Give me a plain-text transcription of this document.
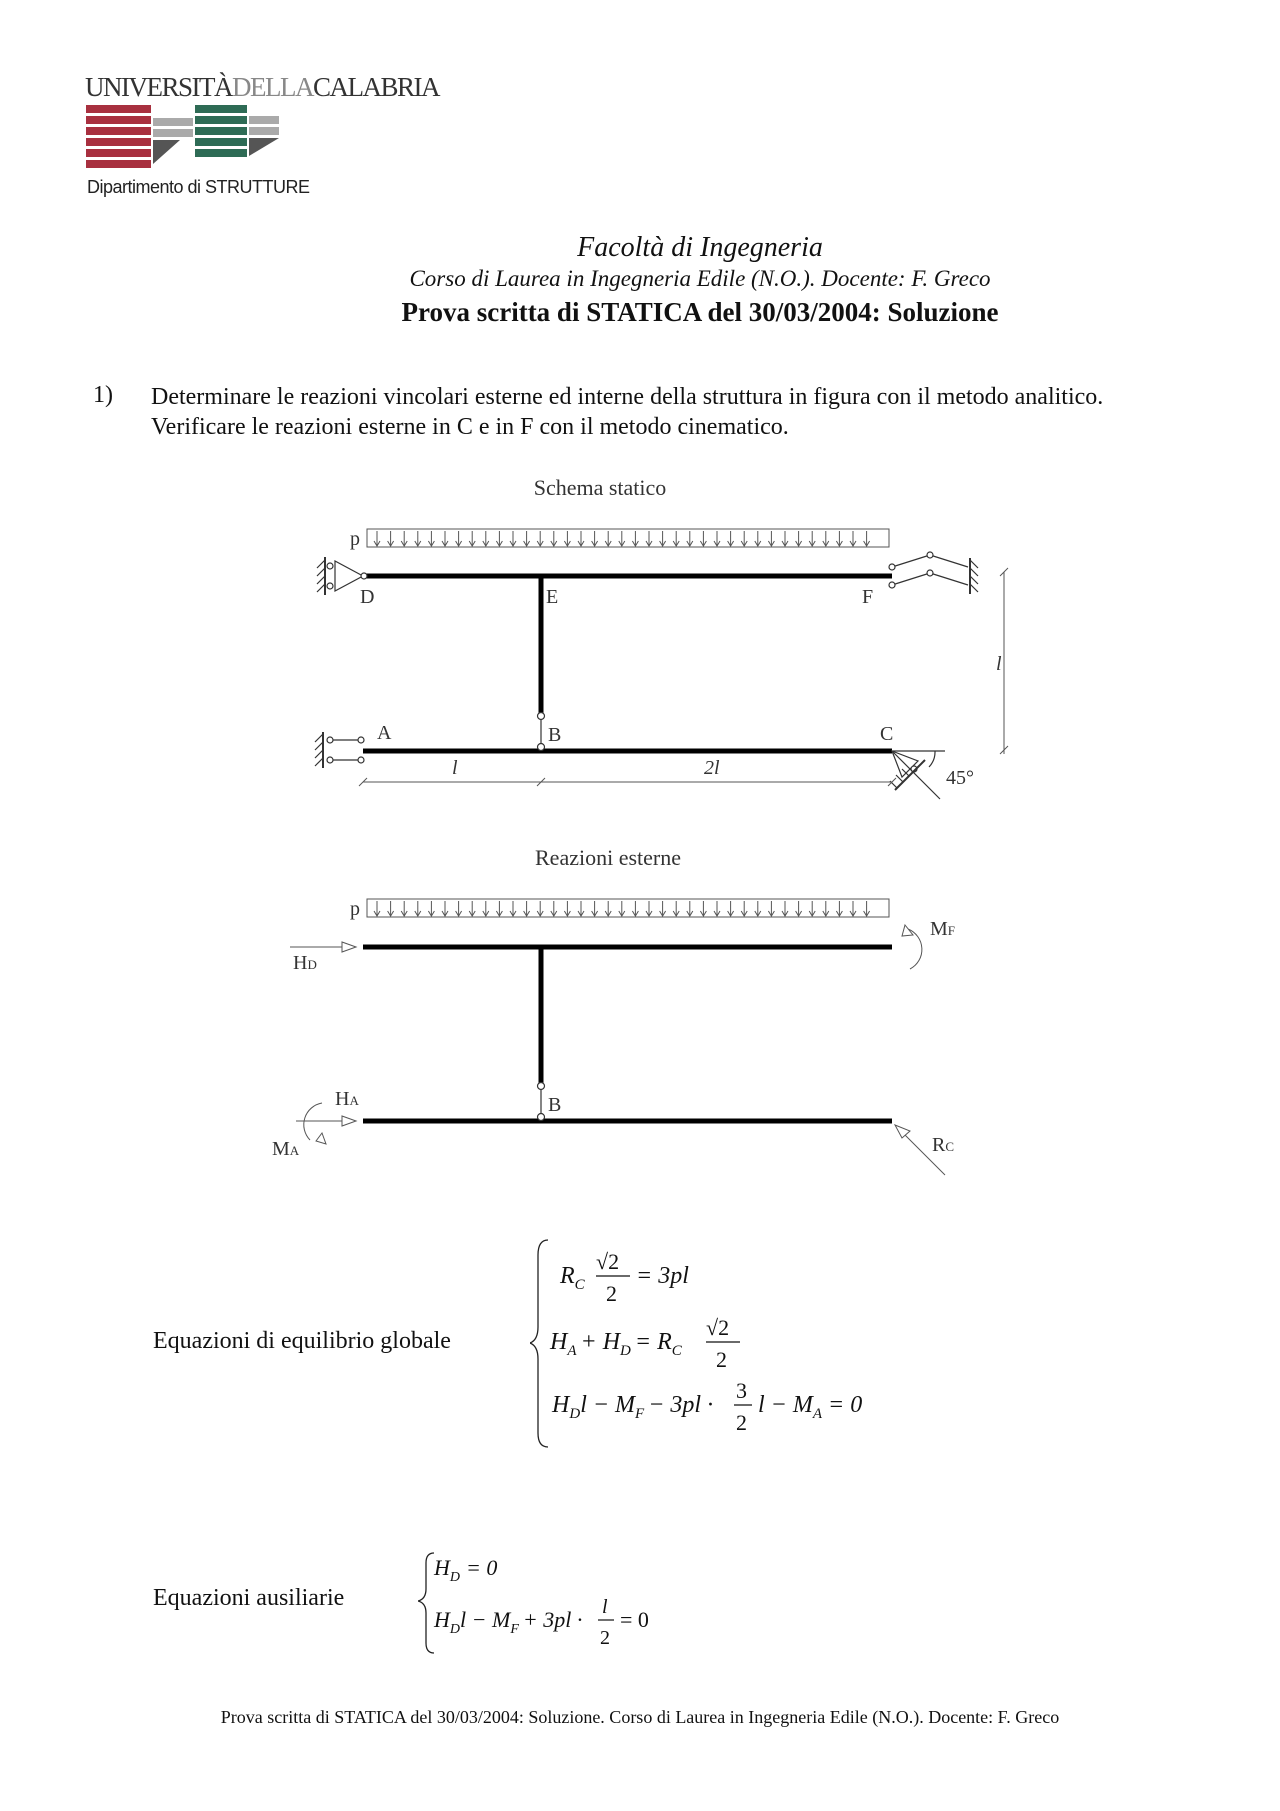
UNIVERSITÀDELLACALABRIA
Dipartimento di STRUTTURE
Facoltà di Ingegneria
Corso di Laurea in Ingegneria Edile (N.O.). Docente: F. Greco
Prova scritta di STATICA del 30/03/2004: Soluzione
1) Determinare le reazioni vincolari esterne ed interne della struttura in figura con il metodo analitico.
Verificare le reazioni esterne in C e in F con il metodo cinematico.
Schema statico
p
D	E	F
A	B	C
45°
l	2l
l
Reazioni esterne
p
B
HD
MF
HA
MA	RC
Equazioni di equilibrio globale
$R_C$
√2
2
= 3pl
$H_A + H_D = R_C$
√2
2
$H_Dl - M_F - 3pl$ ·
3
2
$l - M_A = 0$
Equazioni ausiliarie
$H_D = 0$
$H_Dl - M_F + 3pl \cdot l$
2
= 0
Prova scritta di STATICA del 30/03/2004: Soluzione. Corso di Laurea in Ingegneria Edile (N.O.). Docente: F. Greco
